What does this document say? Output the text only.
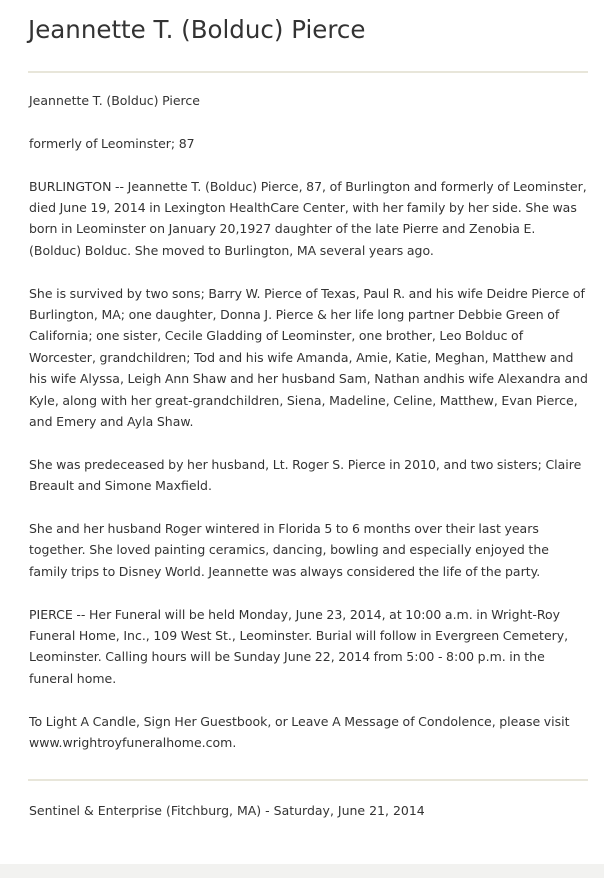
Jeannette T. (Bolduc) Pierce

Jeannette T. (Bolduc) Pierce

formerly of Leominster; 87

BURLINGTON -- Jeannette T. (Bolduc) Pierce, 87, of Burlington and formerly of Leominster, died June 19, 2014 in Lexington HealthCare Center, with her family by her side. She was born in Leominster on January 20,1927 daughter of the late Pierre and Zenobia E. (Bolduc) Bolduc. She moved to Burlington, MA several years ago.

She is survived by two sons; Barry W. Pierce of Texas, Paul R. and his wife Deidre Pierce of Burlington, MA; one daughter, Donna J. Pierce & her life long partner Debbie Green of California; one sister, Cecile Gladding of Leominster, one brother, Leo Bolduc of Worcester, grandchildren; Tod and his wife Amanda, Amie, Katie, Meghan, Matthew and his wife Alyssa, Leigh Ann Shaw and her husband Sam, Nathan andhis wife Alexandra and Kyle, along with her great-grandchildren, Siena, Madeline, Celine, Matthew, Evan Pierce, and Emery and Ayla Shaw.

She was predeceased by her husband, Lt. Roger S. Pierce in 2010, and two sisters; Claire Breault and Simone Maxfield.

She and her husband Roger wintered in Florida 5 to 6 months over their last years together. She loved painting ceramics, dancing, bowling and especially enjoyed the family trips to Disney World. Jeannette was always considered the life of the party.

PIERCE -- Her Funeral will be held Monday, June 23, 2014, at 10:00 a.m. in Wright-Roy Funeral Home, Inc., 109 West St., Leominster. Burial will follow in Evergreen Cemetery, Leominster. Calling hours will be Sunday June 22, 2014 from 5:00 - 8:00 p.m. in the funeral home.

To Light A Candle, Sign Her Guestbook, or Leave A Message of Condolence, please visit www.wrightroyfuneralhome.com.

Sentinel & Enterprise (Fitchburg, MA) - Saturday, June 21, 2014
